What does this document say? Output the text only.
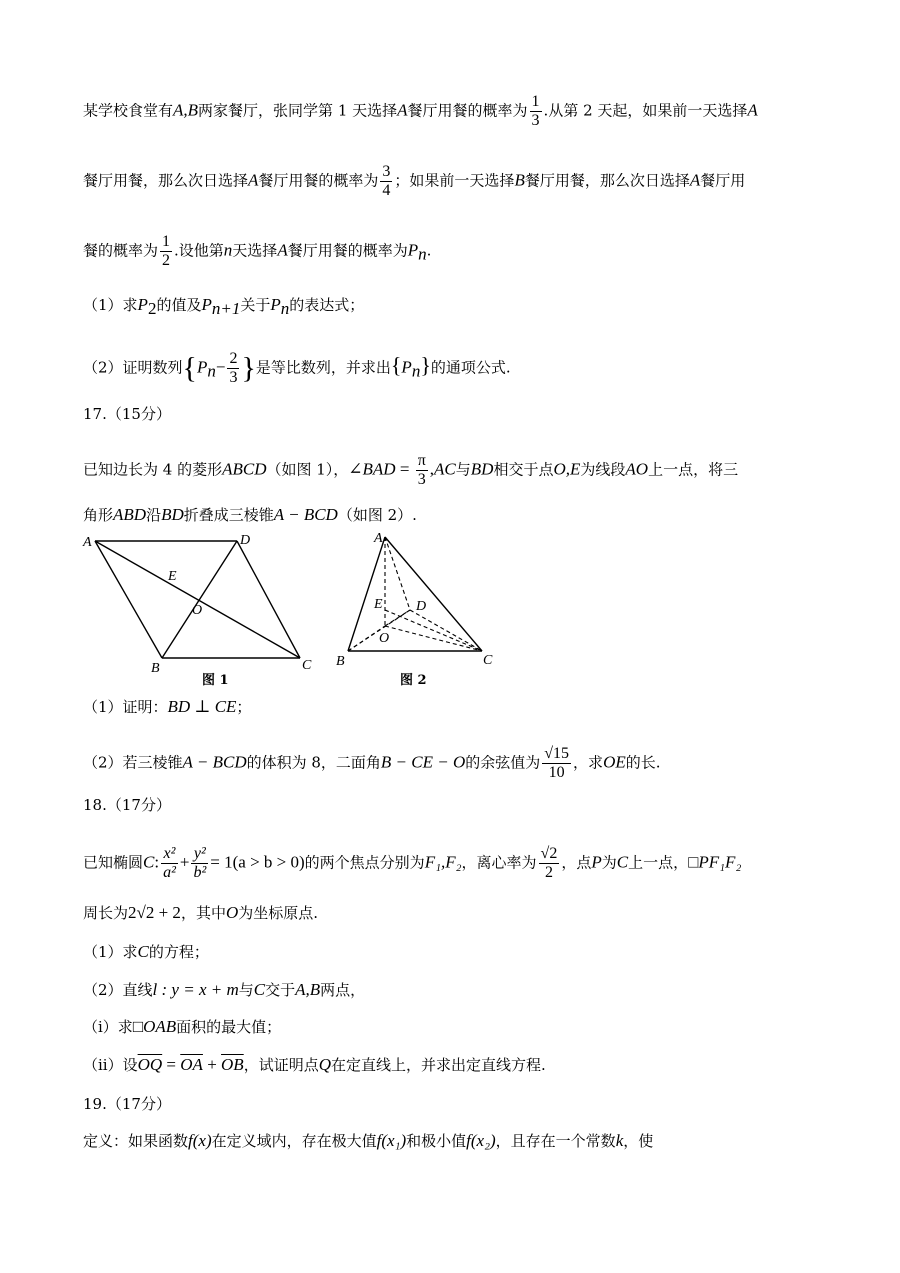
某学校食堂有A,B两家餐厅，张同学第 1 天选择A餐厅用餐的概率为 $\frac{1}{3}$ .从第 2 天起，如果前一天选择A
餐厅用餐，那么次日选择A餐厅用餐的概率为 $\frac{3}{4}$ ；如果前一天选择B餐厅用餐，那么次日选择A餐厅用
餐的概率为 $\frac{1}{2}$ .设他第n天选择A餐厅用餐的概率为$P_n$.
（1）求$P_2$的值及$P_{n+1}$关于$P_n$的表达式；
（2）证明数列{$P_n- \frac{2}{3}$ }是等比数列，并求出$\{P_n\}$的通项公式.
17.（15分）
已知边长为 4 的菱形ABCD（如图 1），∠BAD = $\frac{\pi}{3} ,AC$与BD相交于点O,E为线段AO上一点，将三
角形ABD沿BD折叠成三棱锥A − BCD（如图 2）.
A	D
E
O
B	C
图 1
A
E D
O
B	C
图 2
（1）证明：BD ⊥ CE；
（2）若三棱锥A − BCD的体积为 8，二面角B − CE − O的余弦值为 $\frac{√15}{10}$ ，求OE的长.
18.（17分）
已知椭圆C: $\frac{\text{x²}}{\text{a²}} + \frac{\text{y²}}{\text{b²}} = 1(a > b > 0)$的两个焦点分别为F₁,F₂，离心率为 $\frac{√2}{2}$ ，点P为C上一点，□PF₁F₂
周长为2√2 + 2，其中O为坐标原点.
（1）求C的方程；
（2）直线l : y = x + m与C交于A,B两点，
（i）求□OAB面积的最大值；
（ii）设$\overline{OQ} = \overline{OA} + \overline{OB}$，试证明点Q在定直线上，并求出定直线方程.
19.（17分）
定义：如果函数f(x)在定义域内，存在极大值f(x₁)和极小值f(x₂)，且存在一个常数k，使
